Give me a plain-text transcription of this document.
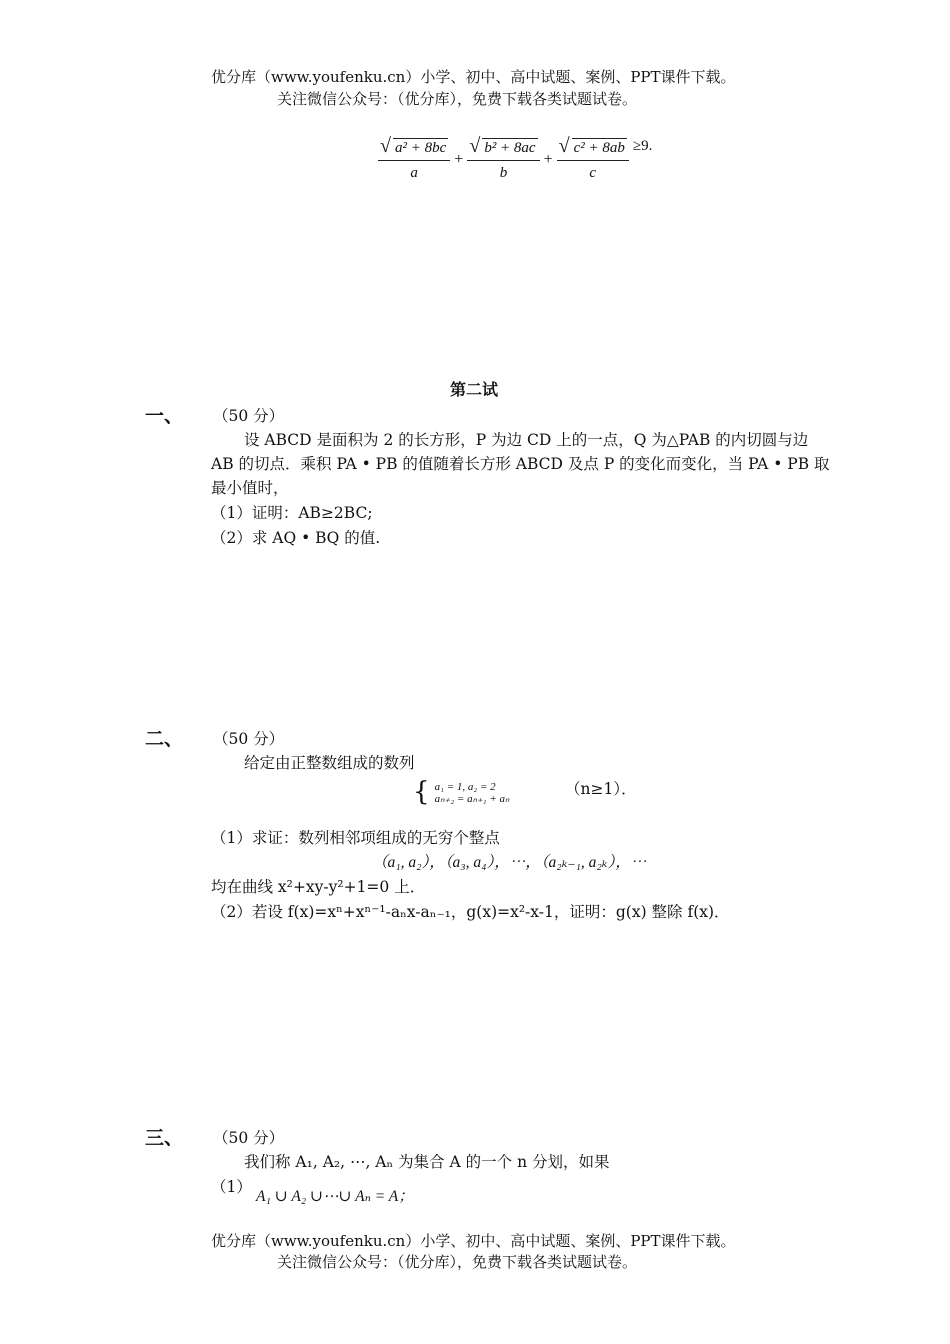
优分库（www.youfenku.cn）小学、初中、高中试题、案例、PPT课件下载。
关注微信公众号：（优分库），免费下载各类试题试卷。
$\frac{\text{√ a² + 8bc}}{a} + \frac{\text{√ b² + 8ac}}{b} + \frac{\text{√ c² + 8ab}}{c} \ge 9$.
第二试
一、 （50 分）
设 ABCD 是面积为 2 的长方形，P 为边 CD 上的一点，Q 为△PAB 的内切圆与边
AB 的切点．乘积 PA • PB 的值随着长方形 ABCD 及点 P 的变化而变化，当 PA • PB 取
最小值时，
（1）证明：AB≥2BC;
（2）求 AQ • BQ 的值.
二、 （50 分）
给定由正整数组成的数列
{ a₁ = 1, a₂ = 2
aₙ₊₂ = aₙ₊₁ + aₙ
（n≥1）．
（1）求证：数列相邻项组成的无穷个整点
（a₁, a₂），（a₃, a₄），⋯，（a₂ₖ₋₁, a₂ₖ），⋯
均在曲线 x²+xy-y²+1=0 上．
（2）若设 f(x)=xⁿ+xⁿ⁻¹-aₙx-aₙ₋₁，g(x)=x²-x-1，证明：g(x) 整除 f(x)．
三、 （50 分）
我们称 A₁, A₂, ⋯, Aₙ 为集合 A 的一个 n 分划，如果
（1）
A₁ ∪ A₂ ∪⋯∪ Aₙ = A；
优分库（www.youfenku.cn）小学、初中、高中试题、案例、PPT课件下载。
关注微信公众号：（优分库），免费下载各类试题试卷。
